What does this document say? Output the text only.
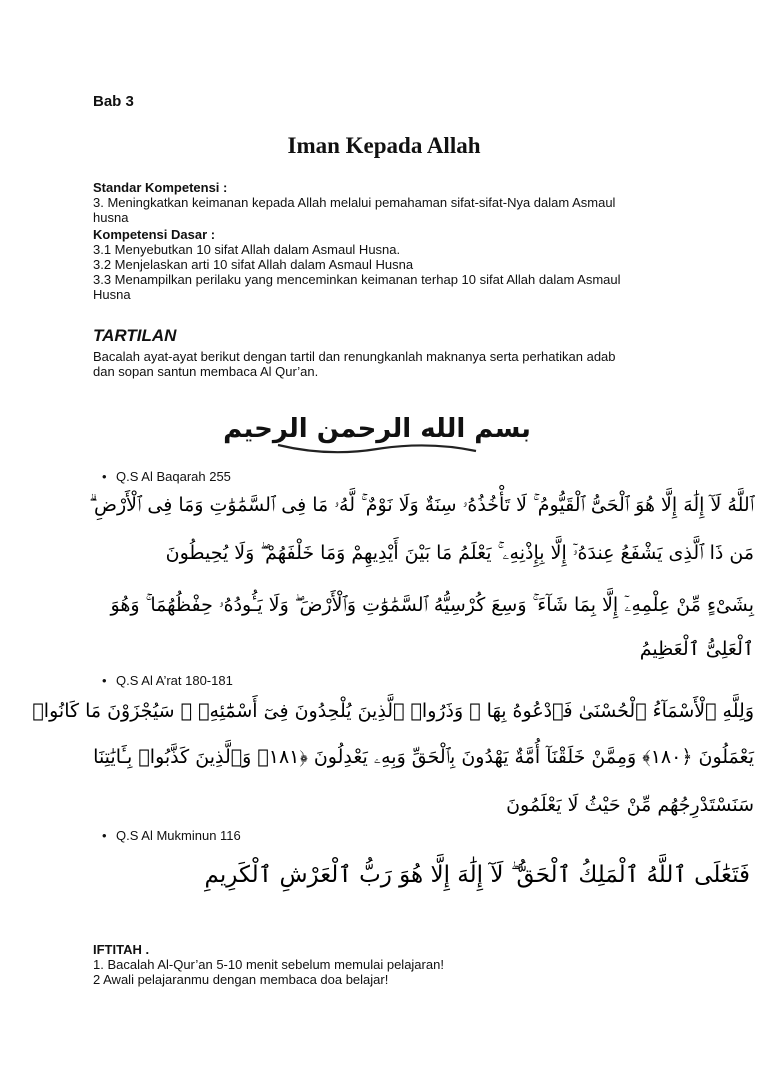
Bab 3
Iman Kepada Allah
Standar Kompetensi :
3. Meningkatkan keimanan kepada Allah melalui pemahaman sifat-sifat-Nya dalam Asmaul
husna
Kompetensi Dasar :
3.1 Menyebutkan 10 sifat Allah dalam Asmaul Husna.
3.2 Menjelaskan arti 10 sifat Allah dalam Asmaul Husna
3.3 Menampilkan perilaku yang menceminkan keimanan terhap 10 sifat Allah dalam Asmaul
Husna
TARTILAN
Bacalah ayat-ayat berikut dengan tartil dan renungkanlah maknanya serta perhatikan adab
dan sopan santun membaca Al Qur’an.
بسم الله الرحمن الرحيم
• Q.S Al Baqarah 255
ٱللَّهُ لَآ إِلَٰهَ إِلَّا هُوَ ٱلْحَىُّ ٱلْقَيُّومُ ۚ لَا تَأْخُذُهُۥ سِنَةٌ وَلَا نَوْمٌ ۚ لَّهُۥ مَا فِى ٱلسَّمَٰوَٰتِ وَمَا فِى ٱلْأَرْضِ ۗ
مَن ذَا ٱلَّذِى يَشْفَعُ عِندَهُۥٓ إِلَّا بِإِذْنِهِۦ ۚ يَعْلَمُ مَا بَيْنَ أَيْدِيهِمْ وَمَا خَلْفَهُمْ ۖ وَلَا يُحِيطُونَ
بِشَىْءٍ مِّنْ عِلْمِهِۦٓ إِلَّا بِمَا شَآءَ ۚ وَسِعَ كُرْسِيُّهُ ٱلسَّمَٰوَٰتِ وَٱلْأَرْضَ ۖ وَلَا يَـُٔودُهُۥ حِفْظُهُمَا ۚ وَهُوَ
ٱلْعَلِىُّ ٱلْعَظِيمُ
• Q.S Al A’rat 180-181
وَلِلَّهِ ٱلْأَسْمَآءُ ٱلْحُسْنَىٰ فَٱدْعُوهُ بِهَا ۖ وَذَرُوا۟ ٱلَّذِينَ يُلْحِدُونَ فِىٓ أَسْمَٰٓئِهِۦ ۚ سَيُجْزَوْنَ مَا كَانُوا۟
يَعْمَلُونَ ﴿١٨٠﴾ وَمِمَّنْ خَلَقْنَآ أُمَّةٌ يَهْدُونَ بِٱلْحَقِّ وَبِهِۦ يَعْدِلُونَ ﴿١٨١﴾ وَٱلَّذِينَ كَذَّبُوا۟ بِـَٔايَٰتِنَا
سَنَسْتَدْرِجُهُم مِّنْ حَيْثُ لَا يَعْلَمُونَ
• Q.S Al Mukminun 116
فَتَعَٰلَى ٱللَّهُ ٱلْمَلِكُ ٱلْحَقُّ ۖ لَآ إِلَٰهَ إِلَّا هُوَ رَبُّ ٱلْعَرْشِ ٱلْكَرِيمِ
IFTITAH .
1. Bacalah Al-Qur’an 5-10 menit sebelum memulai pelajaran!
2 Awali pelajaranmu dengan membaca doa belajar!
